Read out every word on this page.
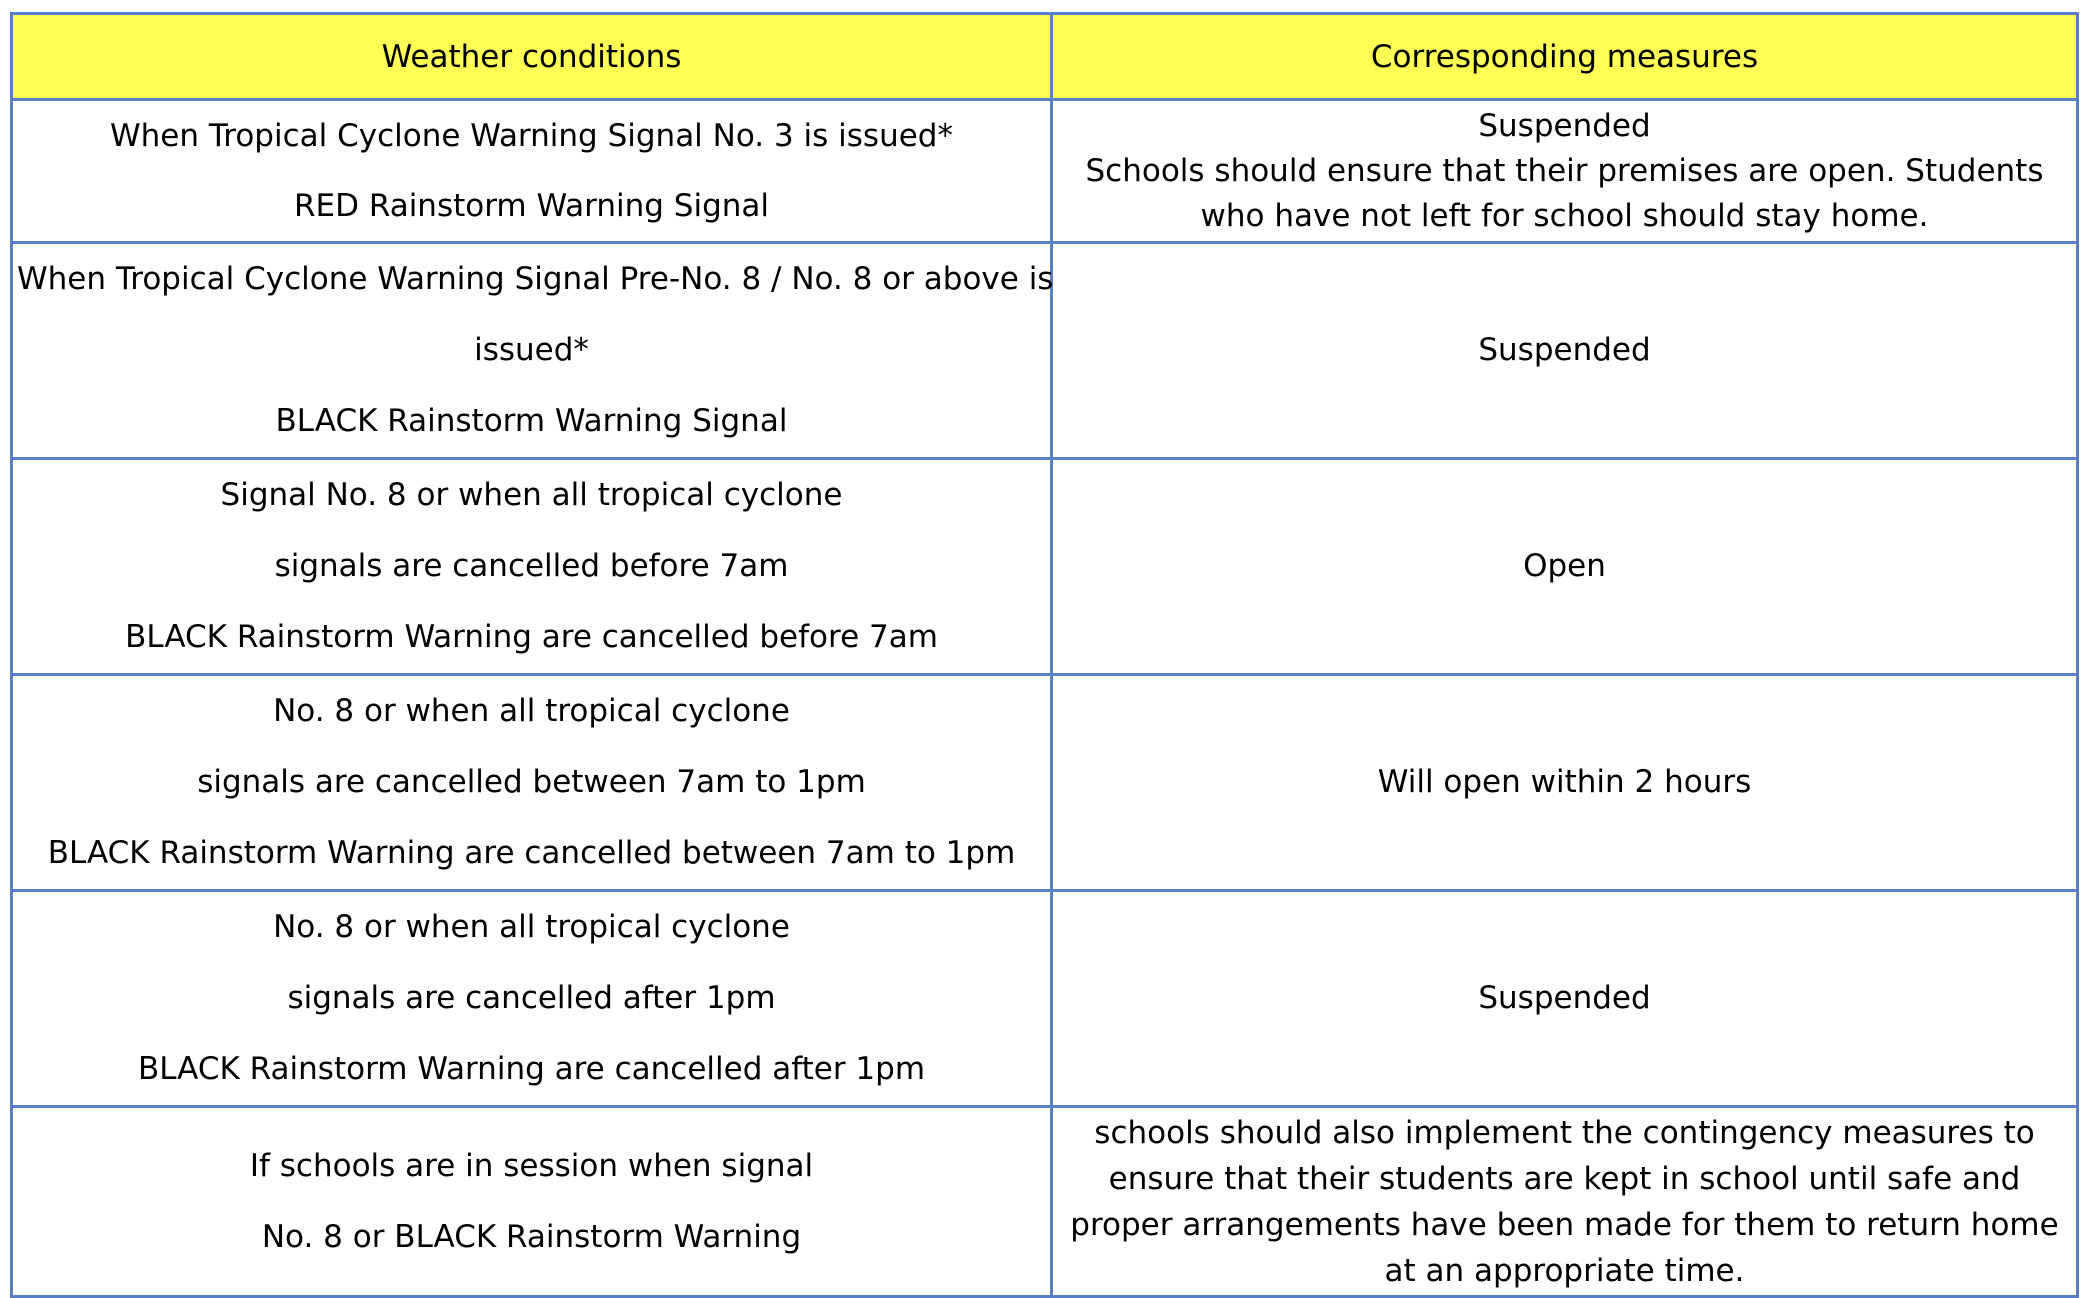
Weather conditions	Corresponding measures

When Tropical Cyclone Warning Signal No. 3 is issued*
RED Rainstorm Warning Signal	Suspended
Schools should ensure that their premises are open. Students who have not left for school should stay home.

When Tropical Cyclone Warning Signal Pre-No. 8 / No. 8 or above is
issued*
BLACK Rainstorm Warning Signal	Suspended

Signal No. 8 or when all tropical cyclone
signals are cancelled before 7am
BLACK Rainstorm Warning are cancelled before 7am	Open

No. 8 or when all tropical cyclone
signals are cancelled between 7am to 1pm
BLACK Rainstorm Warning are cancelled between 7am to 1pm	Will open within 2 hours

No. 8 or when all tropical cyclone
signals are cancelled after 1pm
BLACK Rainstorm Warning are cancelled after 1pm	Suspended

If schools are in session when signal
No. 8 or BLACK Rainstorm Warning	schools should also implement the contingency measures to ensure that their students are kept in school until safe and proper arrangements have been made for them to return home at an appropriate time.
